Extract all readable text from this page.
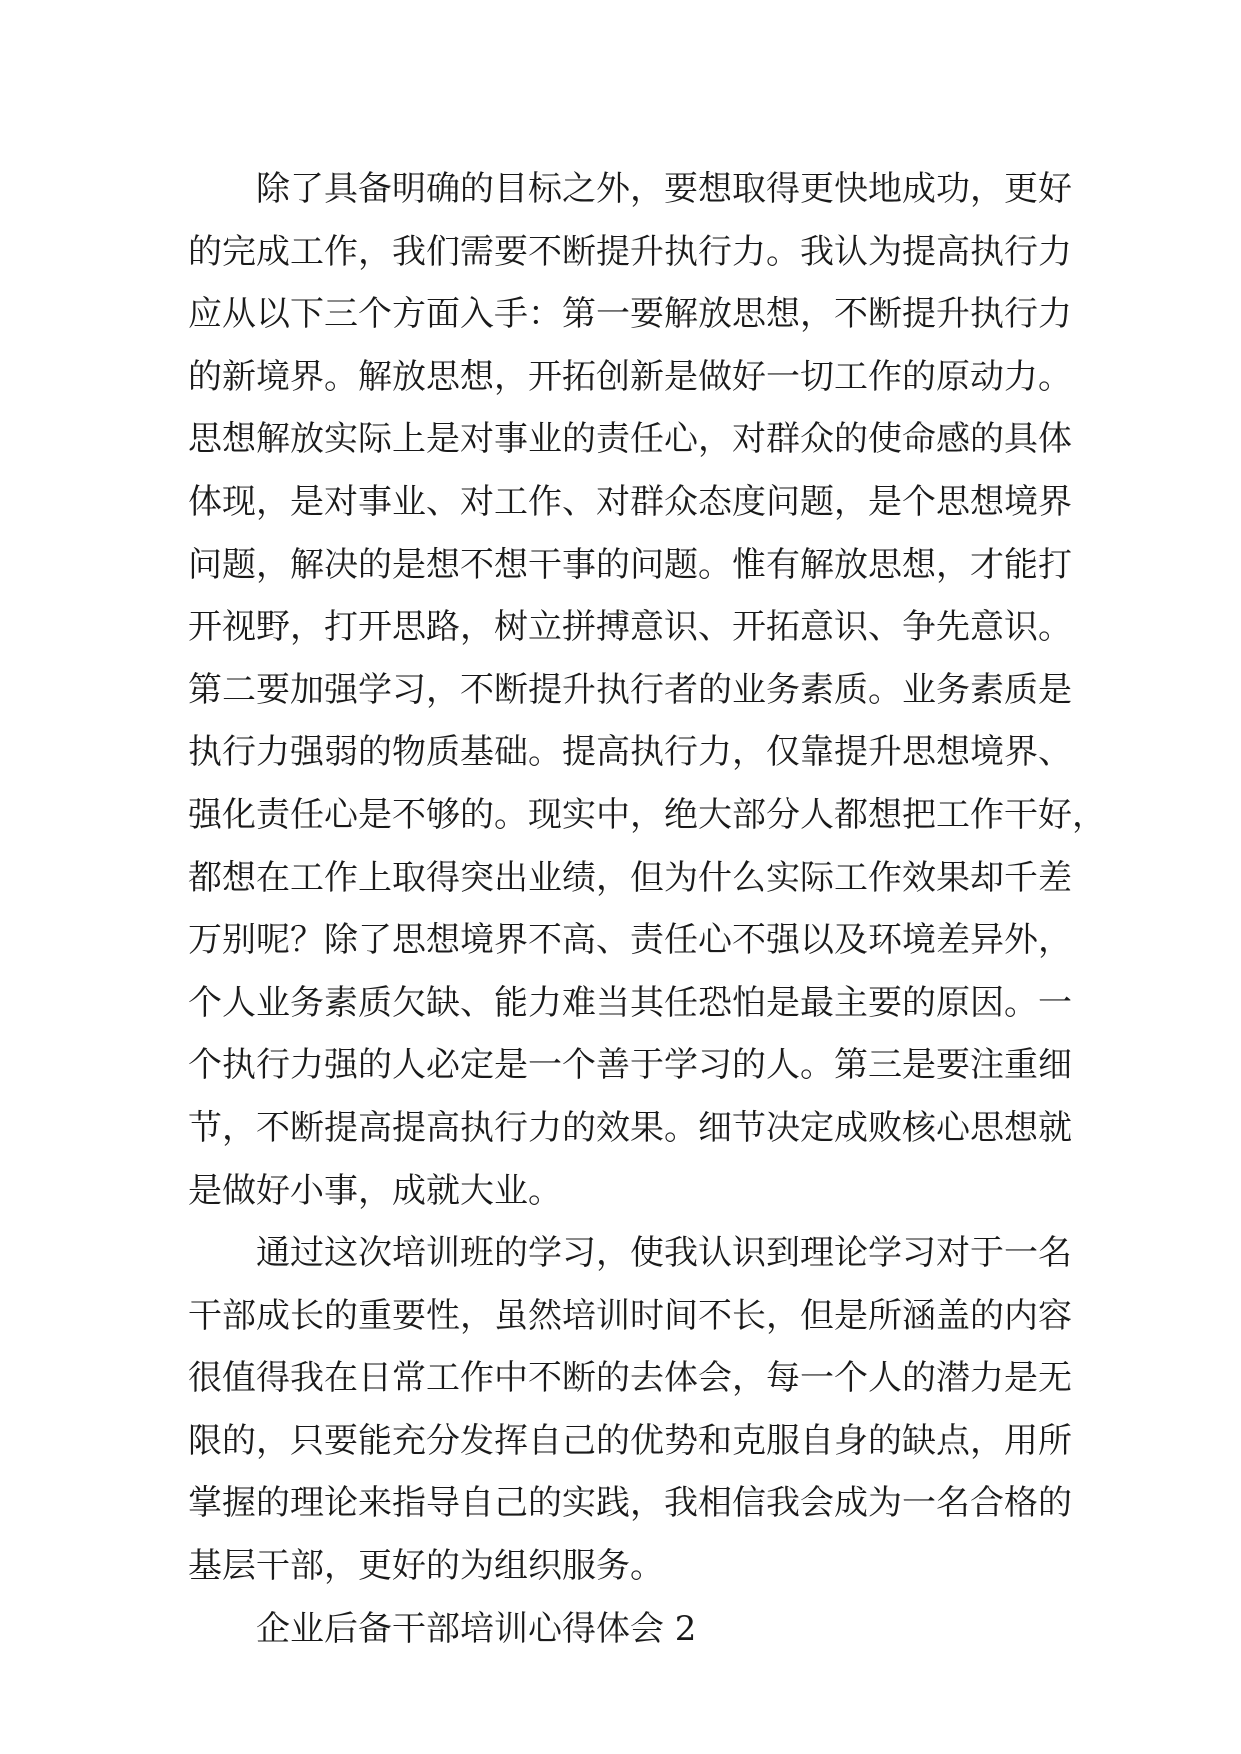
除了具备明确的目标之外，要想取得更快地成功，更好
的完成工作，我们需要不断提升执行力。我认为提高执行力
应从以下三个方面入手：第一要解放思想，不断提升执行力
的新境界。解放思想，开拓创新是做好一切工作的原动力。
思想解放实际上是对事业的责任心，对群众的使命感的具体
体现，是对事业、对工作、对群众态度问题，是个思想境界
问题，解决的是想不想干事的问题。惟有解放思想，才能打
开视野，打开思路，树立拼搏意识、开拓意识、争先意识。
第二要加强学习，不断提升执行者的业务素质。业务素质是
执行力强弱的物质基础。提高执行力，仅靠提升思想境界、
强化责任心是不够的。现实中，绝大部分人都想把工作干好，
都想在工作上取得突出业绩，但为什么实际工作效果却千差
万别呢？除了思想境界不高、责任心不强以及环境差异外，
个人业务素质欠缺、能力难当其任恐怕是最主要的原因。一
个执行力强的人必定是一个善于学习的人。第三是要注重细
节，不断提高提高执行力的效果。细节决定成败核心思想就
是做好小事，成就大业。
通过这次培训班的学习，使我认识到理论学习对于一名
干部成长的重要性，虽然培训时间不长，但是所涵盖的内容
很值得我在日常工作中不断的去体会，每一个人的潜力是无
限的，只要能充分发挥自己的优势和克服自身的缺点，用所
掌握的理论来指导自己的实践，我相信我会成为一名合格的
基层干部，更好的为组织服务。
企业后备干部培训心得体会 2
